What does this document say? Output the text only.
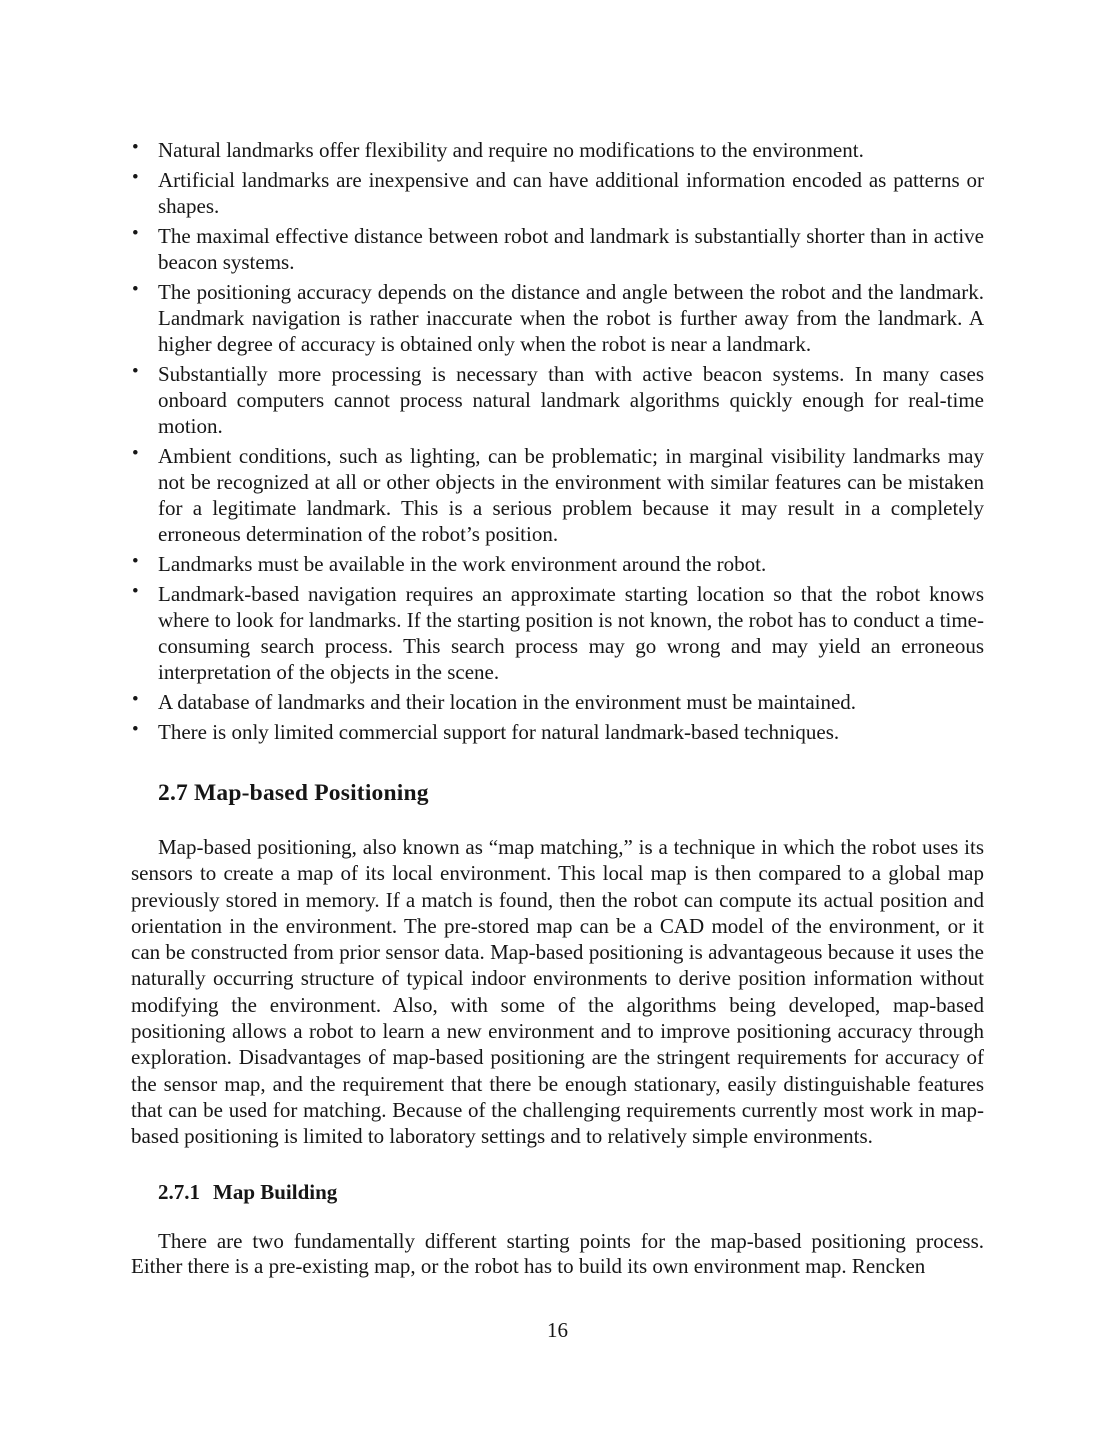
• Natural landmarks offer flexibility and require no modifications to the environment.
• Artificial landmarks are inexpensive and can have additional information encoded as patterns or shapes.
• The maximal effective distance between robot and landmark is substantially shorter than in active beacon systems.
• The positioning accuracy depends on the distance and angle between the robot and the landmark. Landmark navigation is rather inaccurate when the robot is further away from the landmark. A higher degree of accuracy is obtained only when the robot is near a landmark.
• Substantially more processing is necessary than with active beacon systems. In many cases onboard computers cannot process natural landmark algorithms quickly enough for real-time motion.
• Ambient conditions, such as lighting, can be problematic; in marginal visibility landmarks may not be recognized at all or other objects in the environment with similar features can be mistaken for a legitimate landmark. This is a serious problem because it may result in a completely erroneous determination of the robot’s position.
• Landmarks must be available in the work environment around the robot.
• Landmark-based navigation requires an approximate starting location so that the robot knows where to look for landmarks. If the starting position is not known, the robot has to conduct a time-consuming search process. This search process may go wrong and may yield an erroneous interpretation of the objects in the scene.
• A database of landmarks and their location in the environment must be maintained.
• There is only limited commercial support for natural landmark-based techniques.
2.7 Map-based Positioning

Map-based positioning, also known as “map matching,” is a technique in which the robot uses its sensors to create a map of its local environment. This local map is then compared to a global map previously stored in memory. If a match is found, then the robot can compute its actual position and orientation in the environment. The pre-stored map can be a CAD model of the environment, or it can be constructed from prior sensor data. Map-based positioning is advantageous because it uses the naturally occurring structure of typical indoor environments to derive position information without modifying the environment. Also, with some of the algorithms being developed, map-based positioning allows a robot to learn a new environment and to improve positioning accuracy through exploration. Disadvantages of map-based positioning are the stringent requirements for accuracy of the sensor map, and the requirement that there be enough stationary, easily distinguishable features that can be used for matching. Because of the challenging requirements currently most work in map-based positioning is limited to laboratory settings and to relatively simple environments.

2.7.1 Map Building

There are two fundamentally different starting points for the map-based positioning process. Either there is a pre-existing map, or the robot has to build its own environment map. Rencken

16
